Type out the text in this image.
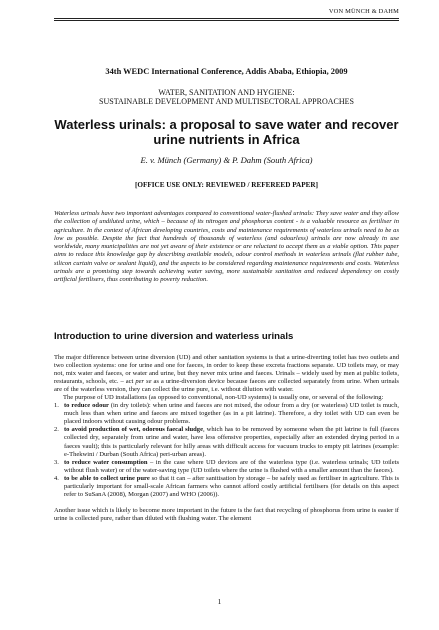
VON MÜNCH & DAHM
34th WEDC International Conference, Addis Ababa, Ethiopia, 2009
WATER, SANITATION AND HYGIENE:
SUSTAINABLE DEVELOPMENT AND MULTISECTORAL APPROACHES
Waterless urinals: a proposal to save water and recover
urine nutrients in Africa
E. v. Münch (Germany) & P. Dahm (South Africa)
[OFFICE USE ONLY: REVIEWED / REFEREED PAPER]
Waterless urinals have two important advantages compared to conventional water-flushed urinals: They save water and they allow the collection of undiluted urine, which – because of its nitrogen and phosphorus content - is a valuable resource as fertiliser in agriculture. In the context of African developing countries, costs and maintenance requirements of waterless urinals need to be as low as possible. Despite the fact that hundreds of thousands of waterless (and odourless) urinals are now already in use worldwide, many municipalities are not yet aware of their existence or are reluctant to accept them as a viable option. This paper aims to reduce this knowledge gap by describing available models, odour control methods in waterless urinals (flat rubber tube, silicon curtain valve or sealant liquid), and the aspects to be considered regarding maintenance requirements and costs. Waterless urinals are a promising step towards achieving water saving, more sustainable sanitation and reduced dependency on costly artificial fertilisers, thus contributing to poverty reduction.
Introduction to urine diversion and waterless urinals

The major difference between urine diversion (UD) and other sanitation systems is that a urine-diverting toilet has two outlets and two collection systems: one for urine and one for faeces, in order to keep these excreta fractions separate. UD toilets may, or may not, mix water and faeces, or water and urine, but they never mix urine and faeces. Urinals – widely used by men at public toilets, restaurants, schools, etc. – act per se as a urine-diversion device because faeces are collected separately from urine. When urinals are of the waterless version, they can collect the urine pure, i.e. without dilution with water.

The purpose of UD installations (as opposed to conventional, non-UD systems) is usually one, or several of the following:

1. to reduce odour (in dry toilets): when urine and faeces are not mixed, the odour from a dry (or waterless) UD toilet is much, much less than when urine and faeces are mixed together (as in a pit latrine). Therefore, a dry toilet with UD can even be placed indoors without causing odour problems.
2. to avoid production of wet, odorous faecal sludge, which has to be removed by someone when the pit latrine is full (faeces collected dry, separately from urine and water, have less offensive properties, especially after an extended drying period in a faeces vault); this is particularly relevant for hilly areas with difficult access for vacuum trucks to empty pit latrines (example: e-Thekwini / Durban (South Africa) peri-urban areas).
3. to reduce water consumption – in the case where UD devices are of the waterless type (i.e. waterless urinals; UD toilets without flush water) or of the water-saving type (UD toilets where the urine is flushed with a smaller amount than the faeces).
4. to be able to collect urine pure so that it can – after sanitisation by storage – be safely used as fertiliser in agriculture. This is particularly important for small-scale African farmers who cannot afford costly artificial fertilisers (for details on this aspect refer to SuSanA (2008), Morgan (2007) and WHO (2006)).

Another issue which is likely to become more important in the future is the fact that recycling of phosphorus from urine is easier if urine is collected pure, rather than diluted with flushing water. The element

1
